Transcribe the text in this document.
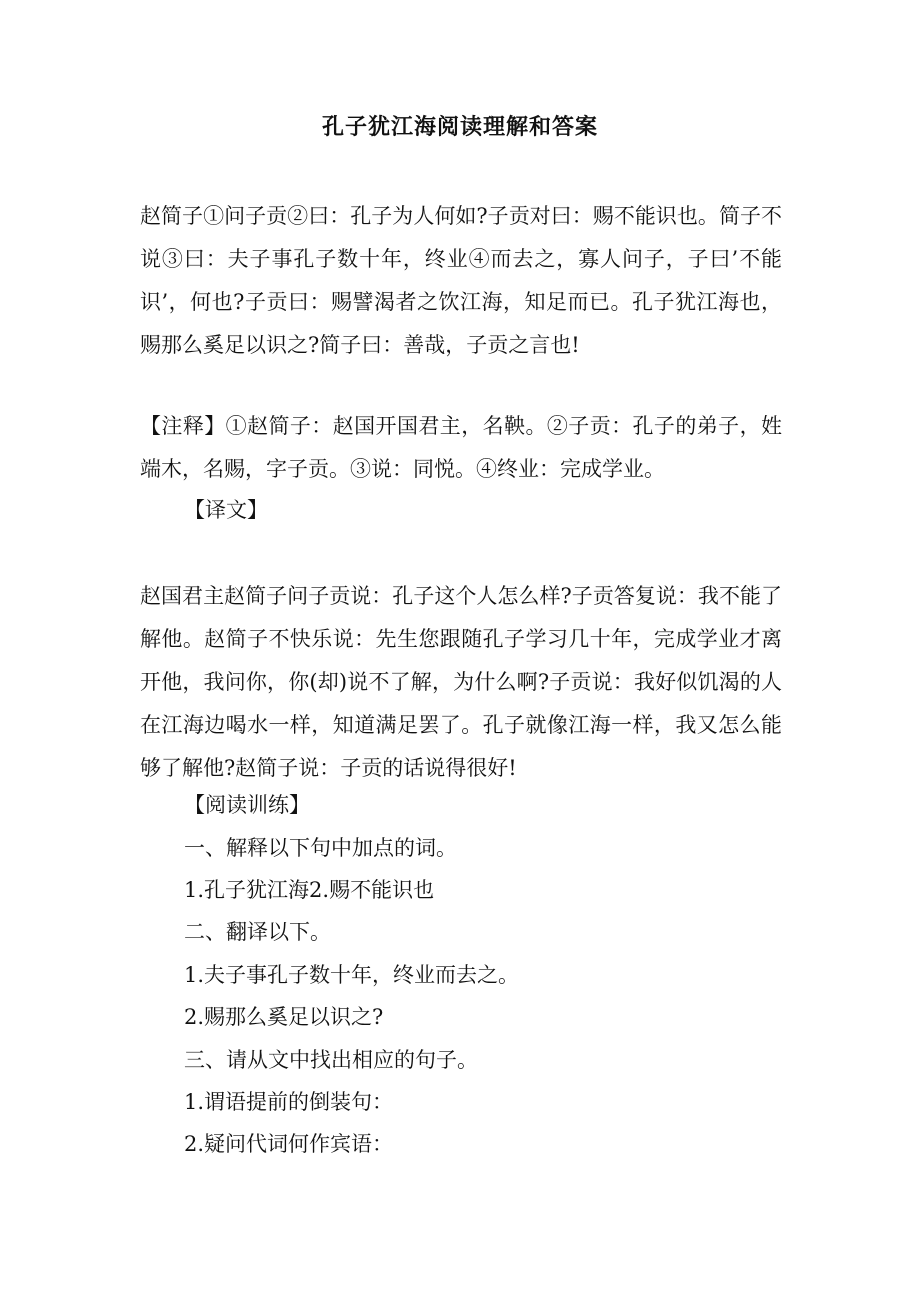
孔子犹江海阅读理解和答案
赵简子①问子贡②曰：孔子为人何如?子贡对曰：赐不能识也。简子不说③曰：夫子事孔子数十年，终业④而去之，寡人问子，子曰’不能识’，何也?子贡曰：赐譬渴者之饮江海，知足而已。孔子犹江海也，赐那么奚足以识之?简子曰：善哉，子贡之言也!
【注释】①赵简子：赵国开国君主，名鞅。②子贡：孔子的弟子，姓端木，名赐，字子贡。③说：同悦。④终业：完成学业。
【译文】
赵国君主赵简子问子贡说：孔子这个人怎么样?子贡答复说：我不能了解他。赵简子不快乐说：先生您跟随孔子学习几十年，完成学业才离开他，我问你，你(却)说不了解，为什么啊?子贡说：我好似饥渴的人在江海边喝水一样，知道满足罢了。孔子就像江海一样，我又怎么能够了解他?赵简子说：子贡的话说得很好!
【阅读训练】
一、解释以下句中加点的词。
1.孔子犹江海2.赐不能识也
二、翻译以下。
1.夫子事孔子数十年，终业而去之。
2.赐那么奚足以识之?
三、请从文中找出相应的句子。
1.谓语提前的倒装句：
2.疑问代词何作宾语：
